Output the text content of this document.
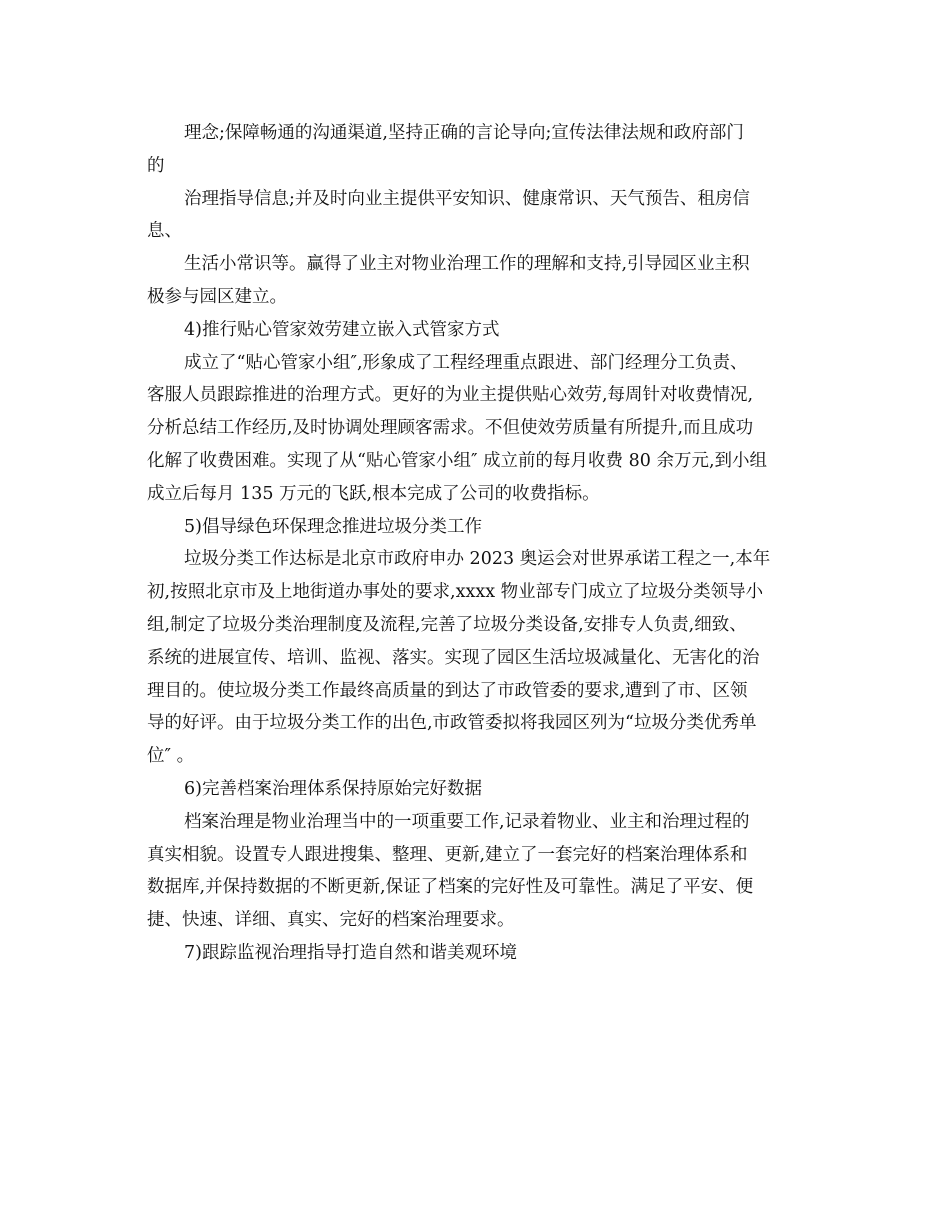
理念;保障畅通的沟通渠道,坚持正确的言论导向;宣传法律法规和政府部门
的
治理指导信息;并及时向业主提供平安知识、健康常识、天气预告、租房信
息、
生活小常识等。赢得了业主对物业治理工作的理解和支持,引导园区业主积
极参与园区建立。
4)推行贴心管家效劳建立嵌入式管家方式
成立了“贴心管家小组″,形象成了工程经理重点跟进、部门经理分工负责、
客服人员跟踪推进的治理方式。更好的为业主提供贴心效劳,每周针对收费情况,
分析总结工作经历,及时协调处理顾客需求。不但使效劳质量有所提升,而且成功
化解了收费困难。实现了从“贴心管家小组″ 成立前的每月收费 80 余万元,到小组
成立后每月 135 万元的飞跃,根本完成了公司的收费指标。
5)倡导绿色环保理念推进垃圾分类工作
垃圾分类工作达标是北京市政府申办 2023 奥运会对世界承诺工程之一,本年
初,按照北京市及上地街道办事处的要求,xxxx 物业部专门成立了垃圾分类领导小
组,制定了垃圾分类治理制度及流程,完善了垃圾分类设备,安排专人负责,细致、
系统的进展宣传、培训、监视、落实。实现了园区生活垃圾减量化、无害化的治
理目的。使垃圾分类工作最终高质量的到达了市政管委的要求,遭到了市、区领
导的好评。由于垃圾分类工作的出色,市政管委拟将我园区列为“垃圾分类优秀单
位″ 。
6)完善档案治理体系保持原始完好数据
档案治理是物业治理当中的一项重要工作,记录着物业、业主和治理过程的
真实相貌。设置专人跟进搜集、整理、更新,建立了一套完好的档案治理体系和
数据库,并保持数据的不断更新,保证了档案的完好性及可靠性。满足了平安、便
捷、快速、详细、真实、完好的档案治理要求。
7)跟踪监视治理指导打造自然和谐美观环境
